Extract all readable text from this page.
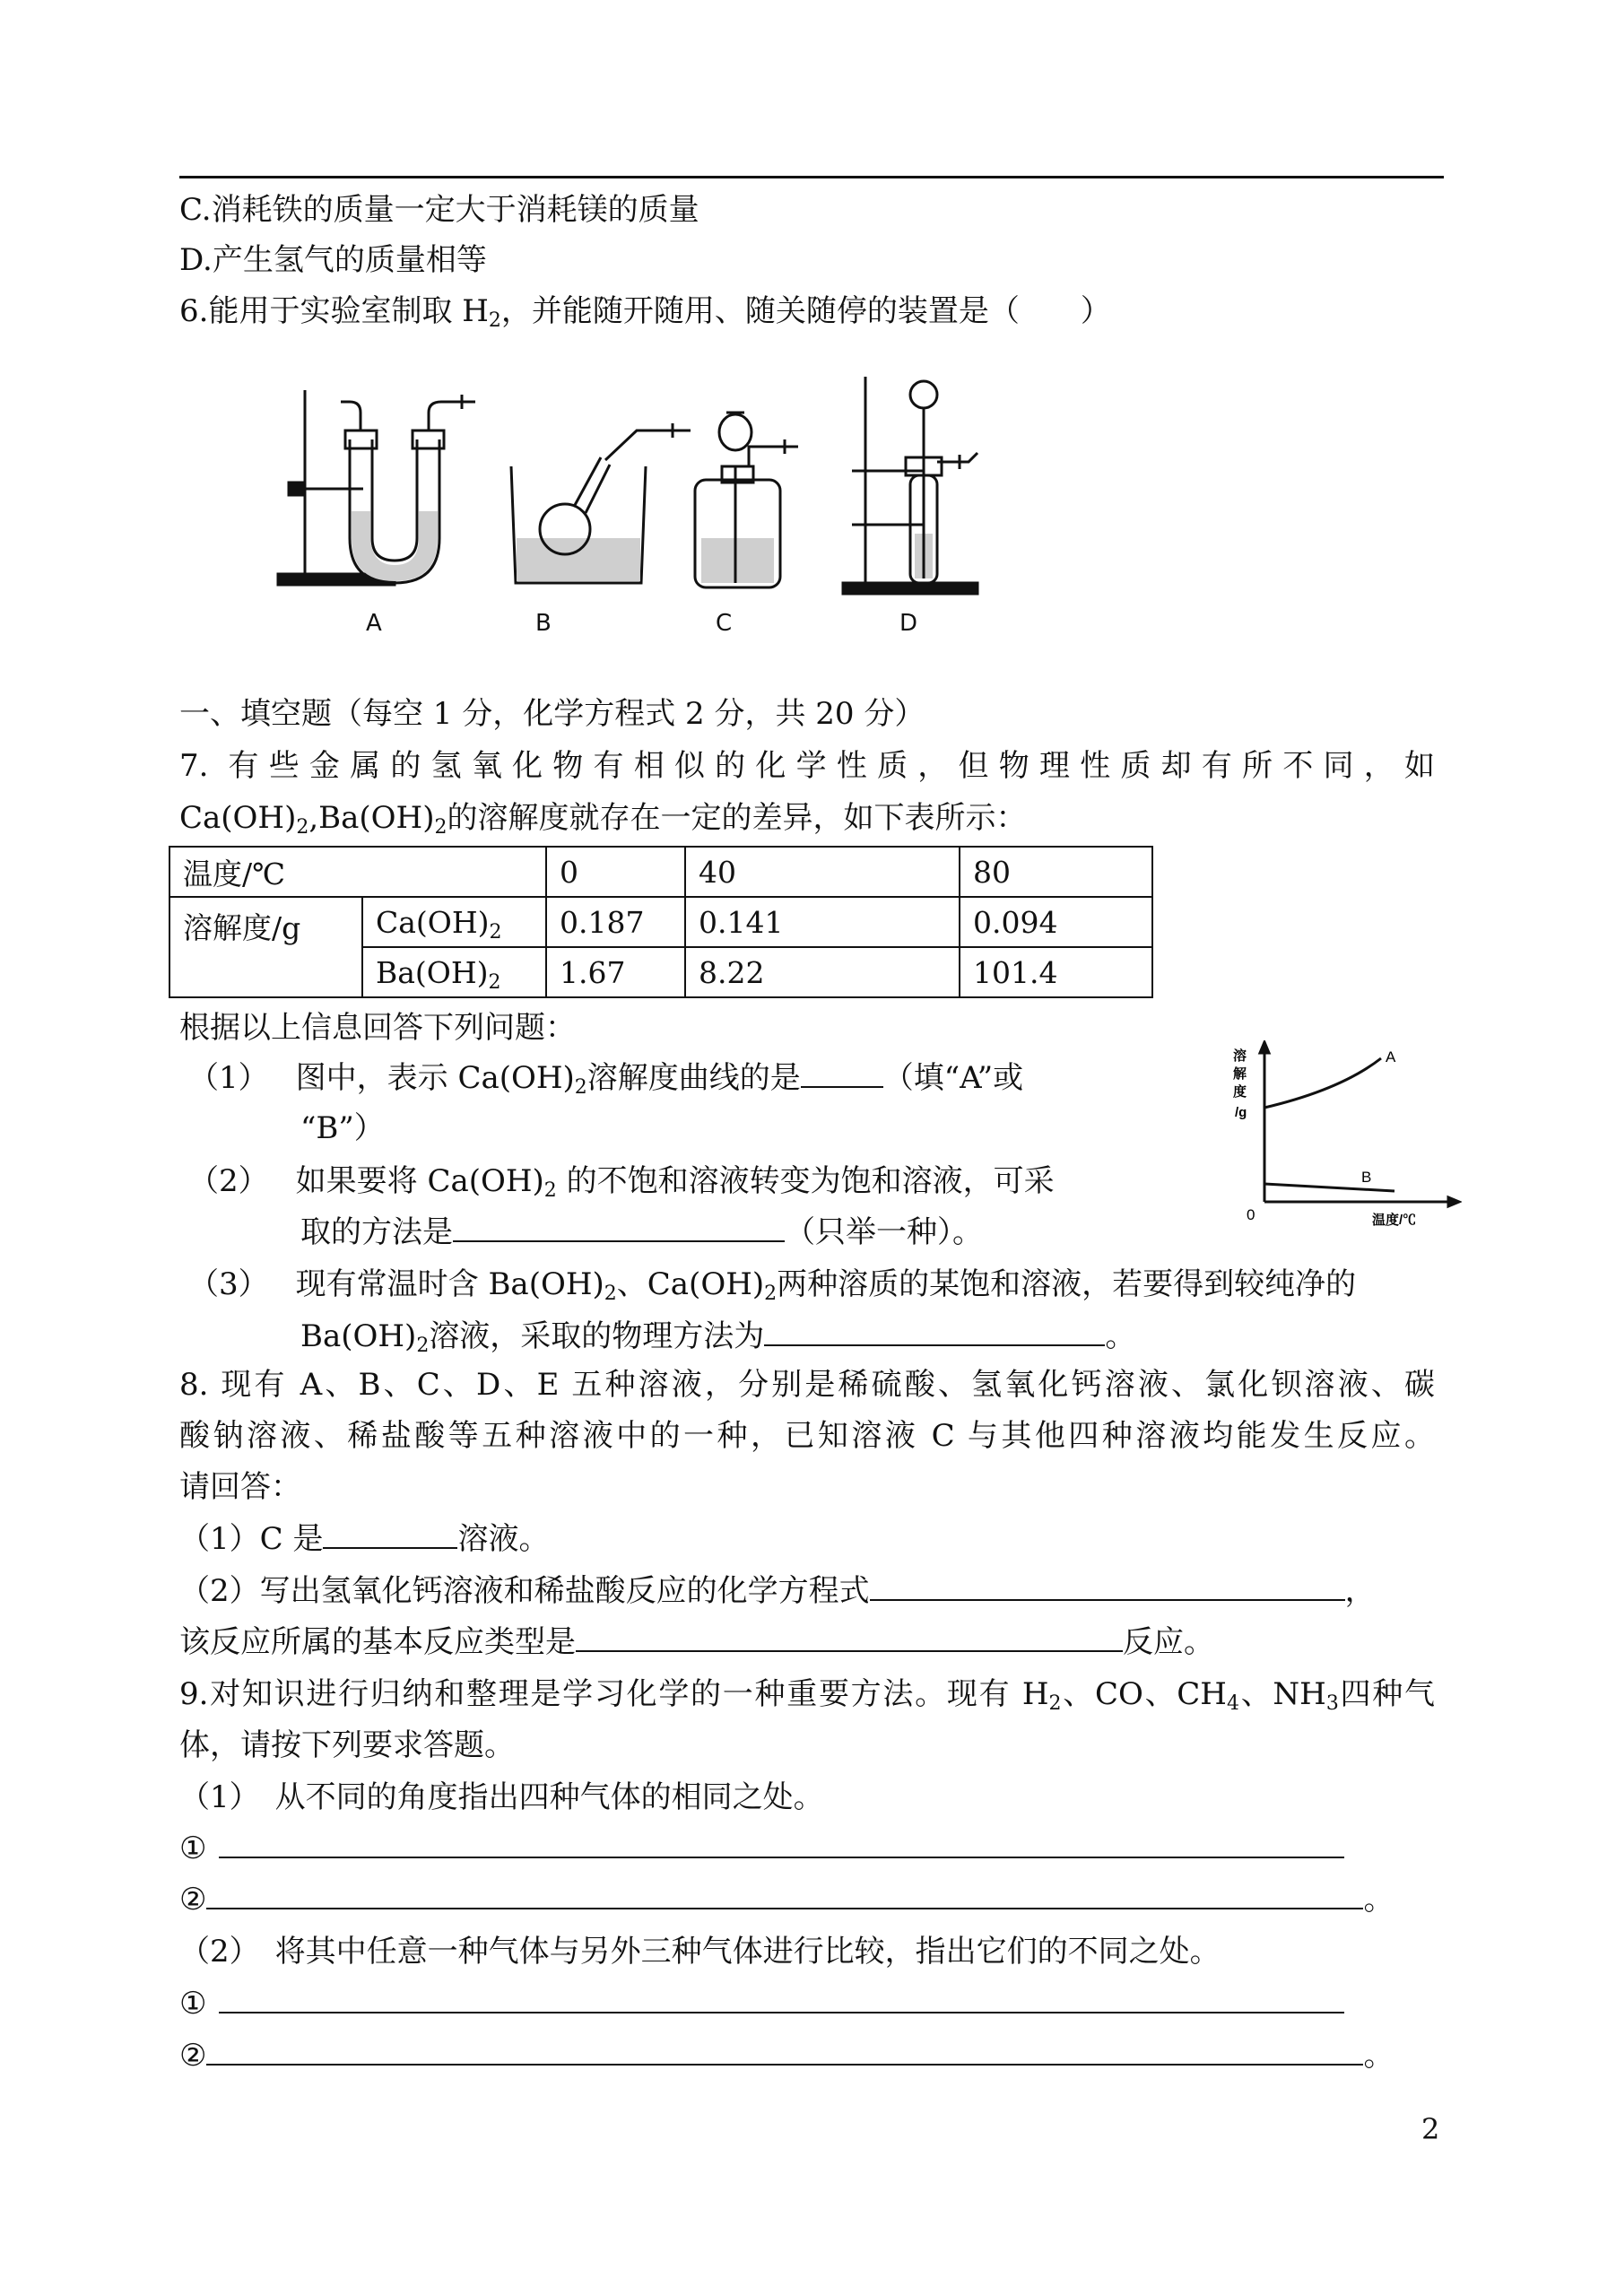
C.消耗铁的质量一定大于消耗镁的质量
D.产生氢气的质量相等
6.能用于实验室制取 $H_2$，并能随开随用、随关随停的装置是（　　）
A	B	C	D
一、填空题（每空 1 分，化学方程式 2 分，共 20 分）
7. 有些金属的氢氧化物有相似的化学性质，但物理性质却有所不同，如
$Ca(OH)_2,Ba(OH)_2$的溶解度就存在一定的差异，如下表所示：
温度/℃		0	40	80
溶解度/g	$Ca(OH)_2$	0.187	0.141	0.094
	$Ba(OH)_2$	1.67	8.22	101.4
根据以上信息回答下列问题：
（1） 图中，表示 $Ca(OH)_2$溶解度曲线的是	（填“A”或
“B”）
（2） 如果要将 $Ca(OH)_2$ 的不饱和溶液转变为饱和溶液，可采
取的方法是	（只举一种）。
（3） 现有常温时含 $Ba(OH)_2$、$Ca(OH)_2$两种溶质的某饱和溶液，若要得到较纯净的
$Ba(OH)_2$溶液，采取的物理方法为	。
溶
解
度
/g
A
B
0	温度/℃
8. 现有 A、B、C、D、E 五种溶液，分别是稀硫酸、氢氧化钙溶液、氯化钡溶液、碳
酸钠溶液、稀盐酸等五种溶液中的一种，已知溶液 C 与其他四种溶液均能发生反应。
请回答：
（1）C 是	溶液。
（2）写出氢氧化钙溶液和稀盐酸反应的化学方程式	，
该反应所属的基本反应类型是	反应。
9.对知识进行归纳和整理是学习化学的一种重要方法。现有 $H_2$、CO、$CH_4$、$NH_3$四种气
体，请按下列要求答题。
（1）　从不同的角度指出四种气体的相同之处。
①
②	。
（2）　将其中任意一种气体与另外三种气体进行比较，指出它们的不同之处。
①
②	。
2
